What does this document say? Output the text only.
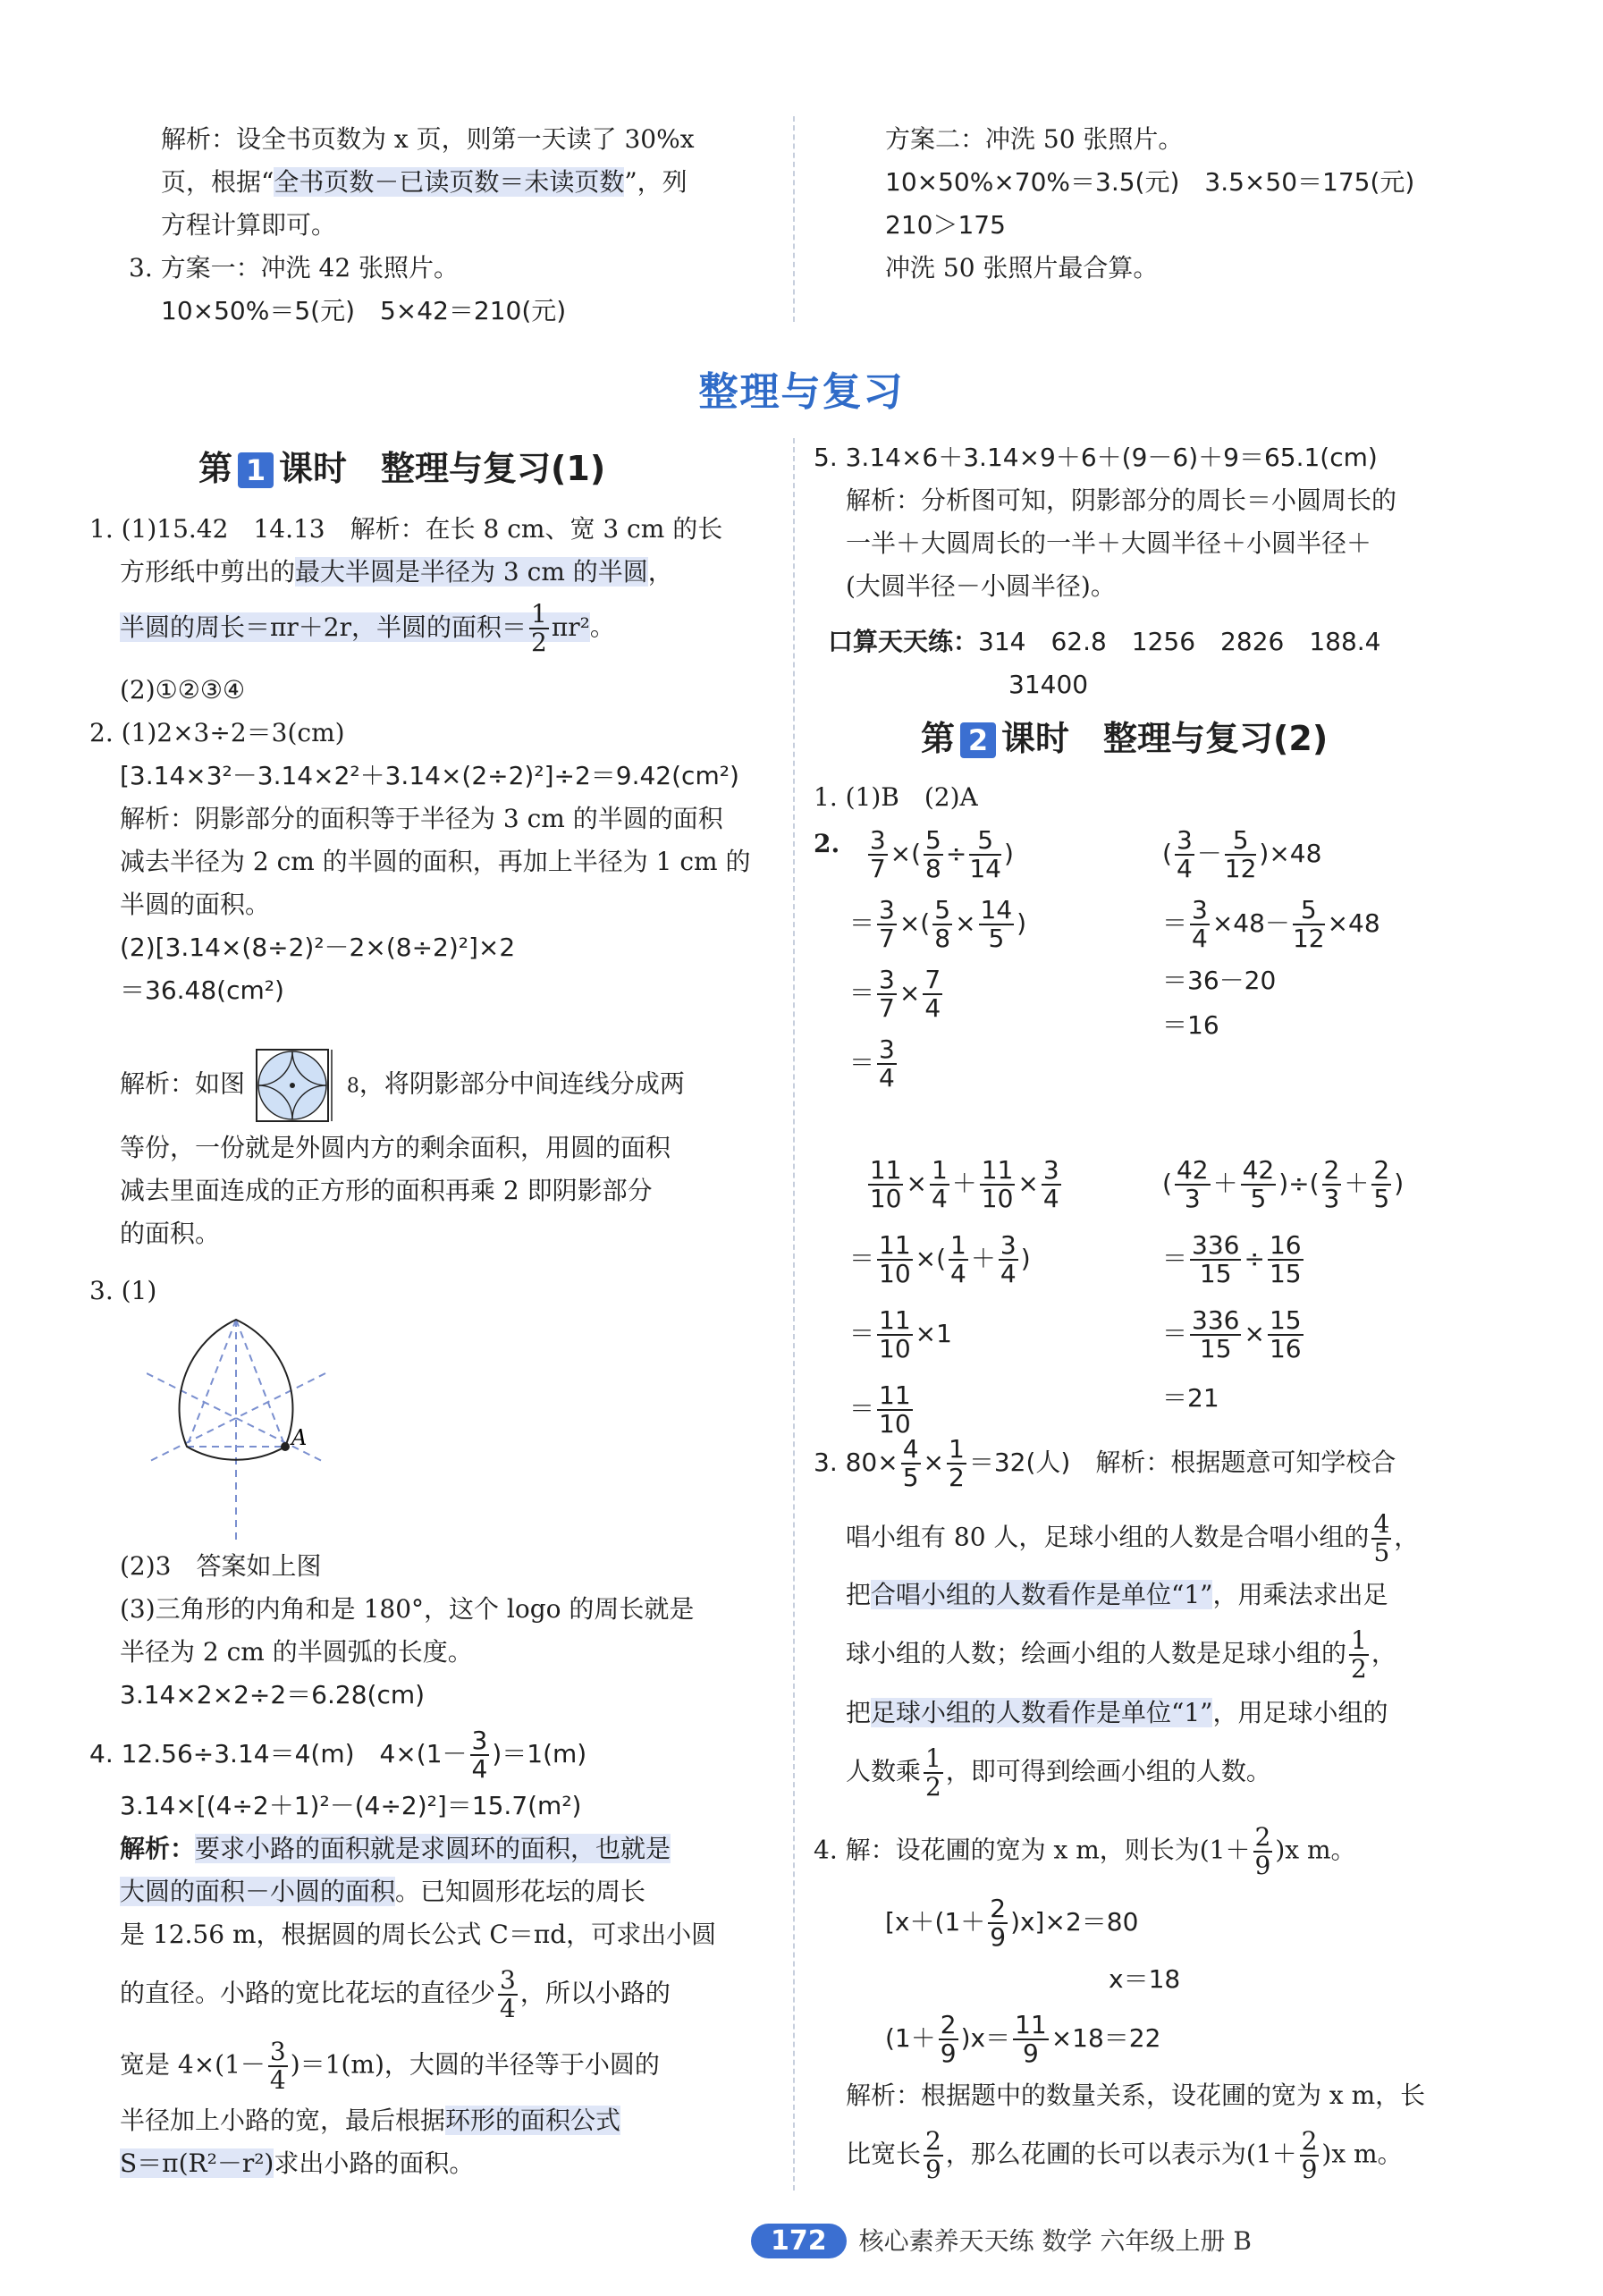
解析：设全书页数为 x 页，则第一天读了 30%x
页，根据“全书页数－已读页数＝未读页数”，列
方程计算即可。
3. 方案一：冲洗 42 张照片。
10×50%＝5(元)　5×42＝210(元)
方案二：冲洗 50 张照片。
10×50%×70%＝3.5(元)　3.5×50＝175(元)
210＞175
冲洗 50 张照片最合算。
整理与复习
第 1 课时　整理与复习(1)
1. (1)15.42　14.13　解析：在长 8 cm、宽 3 cm 的长
方形纸中剪出的最大半圆是半径为 3 cm 的半圆，
半圆的周长＝πr＋2r，半圆的面积＝ $\frac{1}{2} \pi r^2$。
(2)①②③④
2. (1)2×3÷2＝3(cm)
[3.14×3²－3.14×2²＋3.14×(2÷2)²]÷2＝9.42(cm²)
解析：阴影部分的面积等于半径为 3 cm 的半圆的面积
减去半径为 2 cm 的半圆的面积，再加上半径为 1 cm 的
半圆的面积。
(2)[3.14×(8÷2)²－2×(8÷2)²]×2
＝36.48(cm²)
解析：如图	8，将阴影部分中间连线分成两
等份，一份就是外圆内方的剩余面积，用圆的面积
减去里面连成的正方形的面积再乘 2 即阴影部分
的面积。
3. (1)
A
(2)3　答案如上图
(3)三角形的内角和是 180°，这个 logo 的周长就是
半径为 2 cm 的半圆弧的长度。
3.14×2×2÷2＝6.28(cm)
4. 12.56÷3.14＝4(m)　$4\times(1- \frac{3}{4} )=1(m)$
3.14×[(4÷2＋1)²－(4÷2)²]＝15.7(m²)
解析：要求小路的面积就是求圆环的面积，也就是
大圆的面积－小圆的面积。已知圆形花坛的周长
是 12.56 m，根据圆的周长公式 C＝πd，可求出小圆
的直径。小路的宽比花坛的直径少 $\frac{3}{4}$ ，所以小路的
宽是 $4\times(1- \frac{3}{4} )=1(m)$，大圆的半径等于小圆的
半径加上小路的宽，最后根据环形的面积公式
S＝π(R²－r²)求出小路的面积。
5. 3.14×6＋3.14×9＋6＋(9－6)＋9＝65.1(cm)
解析：分析图可知，阴影部分的周长＝小圆周长的
一半＋大圆周长的一半＋大圆半径＋小圆半径＋
(大圆半径－小圆半径)。
口算天天练：314　62.8　1256　2826　188.4
31400
第 2 课时　整理与复习(2)
1. (1)B　(2)A
2.
  $\frac{3}{7}$ ×( $\frac{5}{8} \div \frac{5}{14}$ )
＝ $\frac{3}{7}$ ×( $\frac{5}{8} \times \frac{14}{5}$ )
＝ $\frac{3}{7} \times \frac{7}{4}$
＝ $\frac{3}{4}$
( $\frac{3}{4} - \frac{5}{12} )\times 48$
＝ $\frac{3}{4} \times 48- \frac{5}{12} \times 48$
＝36－20
＝16

$\frac{11}{10} \times \frac{1}{4} + \frac{11}{10} \times \frac{3}{4}$
＝ $\frac{11}{10}$ ×( $\frac{1}{4} + \frac{3}{4}$ )
＝ $\frac{11}{10} \times 1$
＝ $\frac{11}{10}$
( $\frac{42}{3} + \frac{42}{5}$ )÷( $\frac{2}{3} + \frac{2}{5}$ )
＝ $\frac{336}{15} \div \frac{16}{15}$
＝ $\frac{336}{15} \times \frac{15}{16}$
＝21
3. $80\times \frac{4}{5} \times \frac{1}{2} =32$(人)　解析：根据题意可知学校合
唱小组有 80 人，足球小组的人数是合唱小组的 $\frac{4}{5}$ ，
把合唱小组的人数看作是单位“1”，用乘法求出足
球小组的人数；绘画小组的人数是足球小组的 $\frac{1}{2}$ ，
把足球小组的人数看作是单位“1”，用足球小组的
人数乘 $\frac{1}{2}$ ，即可得到绘画小组的人数。
4. 解：设花圃的宽为 x m，则长为$(1+ \frac{2}{9} )x$ m。
$[x+(1+ \frac{2}{9} )x]\times 2=80$
x＝18
$(1+ \frac{2}{9} )x= \frac{11}{9} \times 18=22$
解析：根据题中的数量关系，设花圃的宽为 x m，长
比宽长 $\frac{2}{9}$ ，那么花圃的长可以表示为$(1+ \frac{2}{9} )x$ m。
172 核心素养天天练 数学 六年级上册 B
